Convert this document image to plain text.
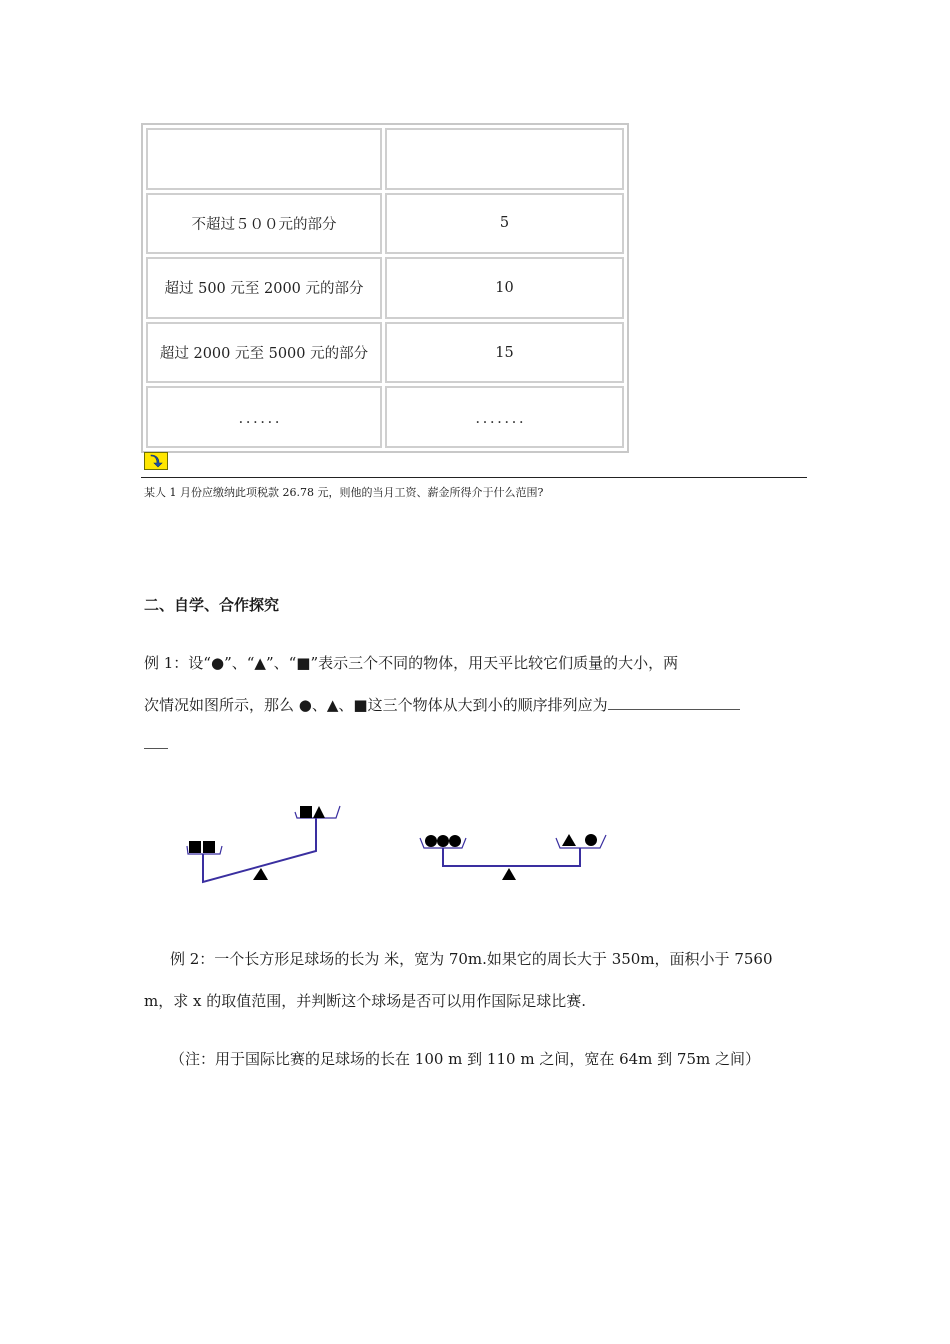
不超过５００元的部分	5
超过 500 元至 2000 元的部分	10
超过 2000 元至 5000 元的部分	15
．．．．．．	．．．．．．．
某人 1 月份应缴纳此项税款 26.78 元，则他的当月工资、薪金所得介于什么范围?
二、自学、合作探究
例 1：设“●”、“▲”、“■”表示三个不同的物体，用天平比较它们质量的大小，两
次情况如图所示，那么 ●、▲、■这三个物体从大到小的顺序排列应为
例 2：一个长方形足球场的长为 米，宽为 70m.如果它的周长大于 350m，面积小于 7560
m，求 x 的取值范围，并判断这个球场是否可以用作国际足球比赛.
（注：用于国际比赛的足球场的长在 100 m 到 110 m 之间，宽在 64m 到 75m 之间）
